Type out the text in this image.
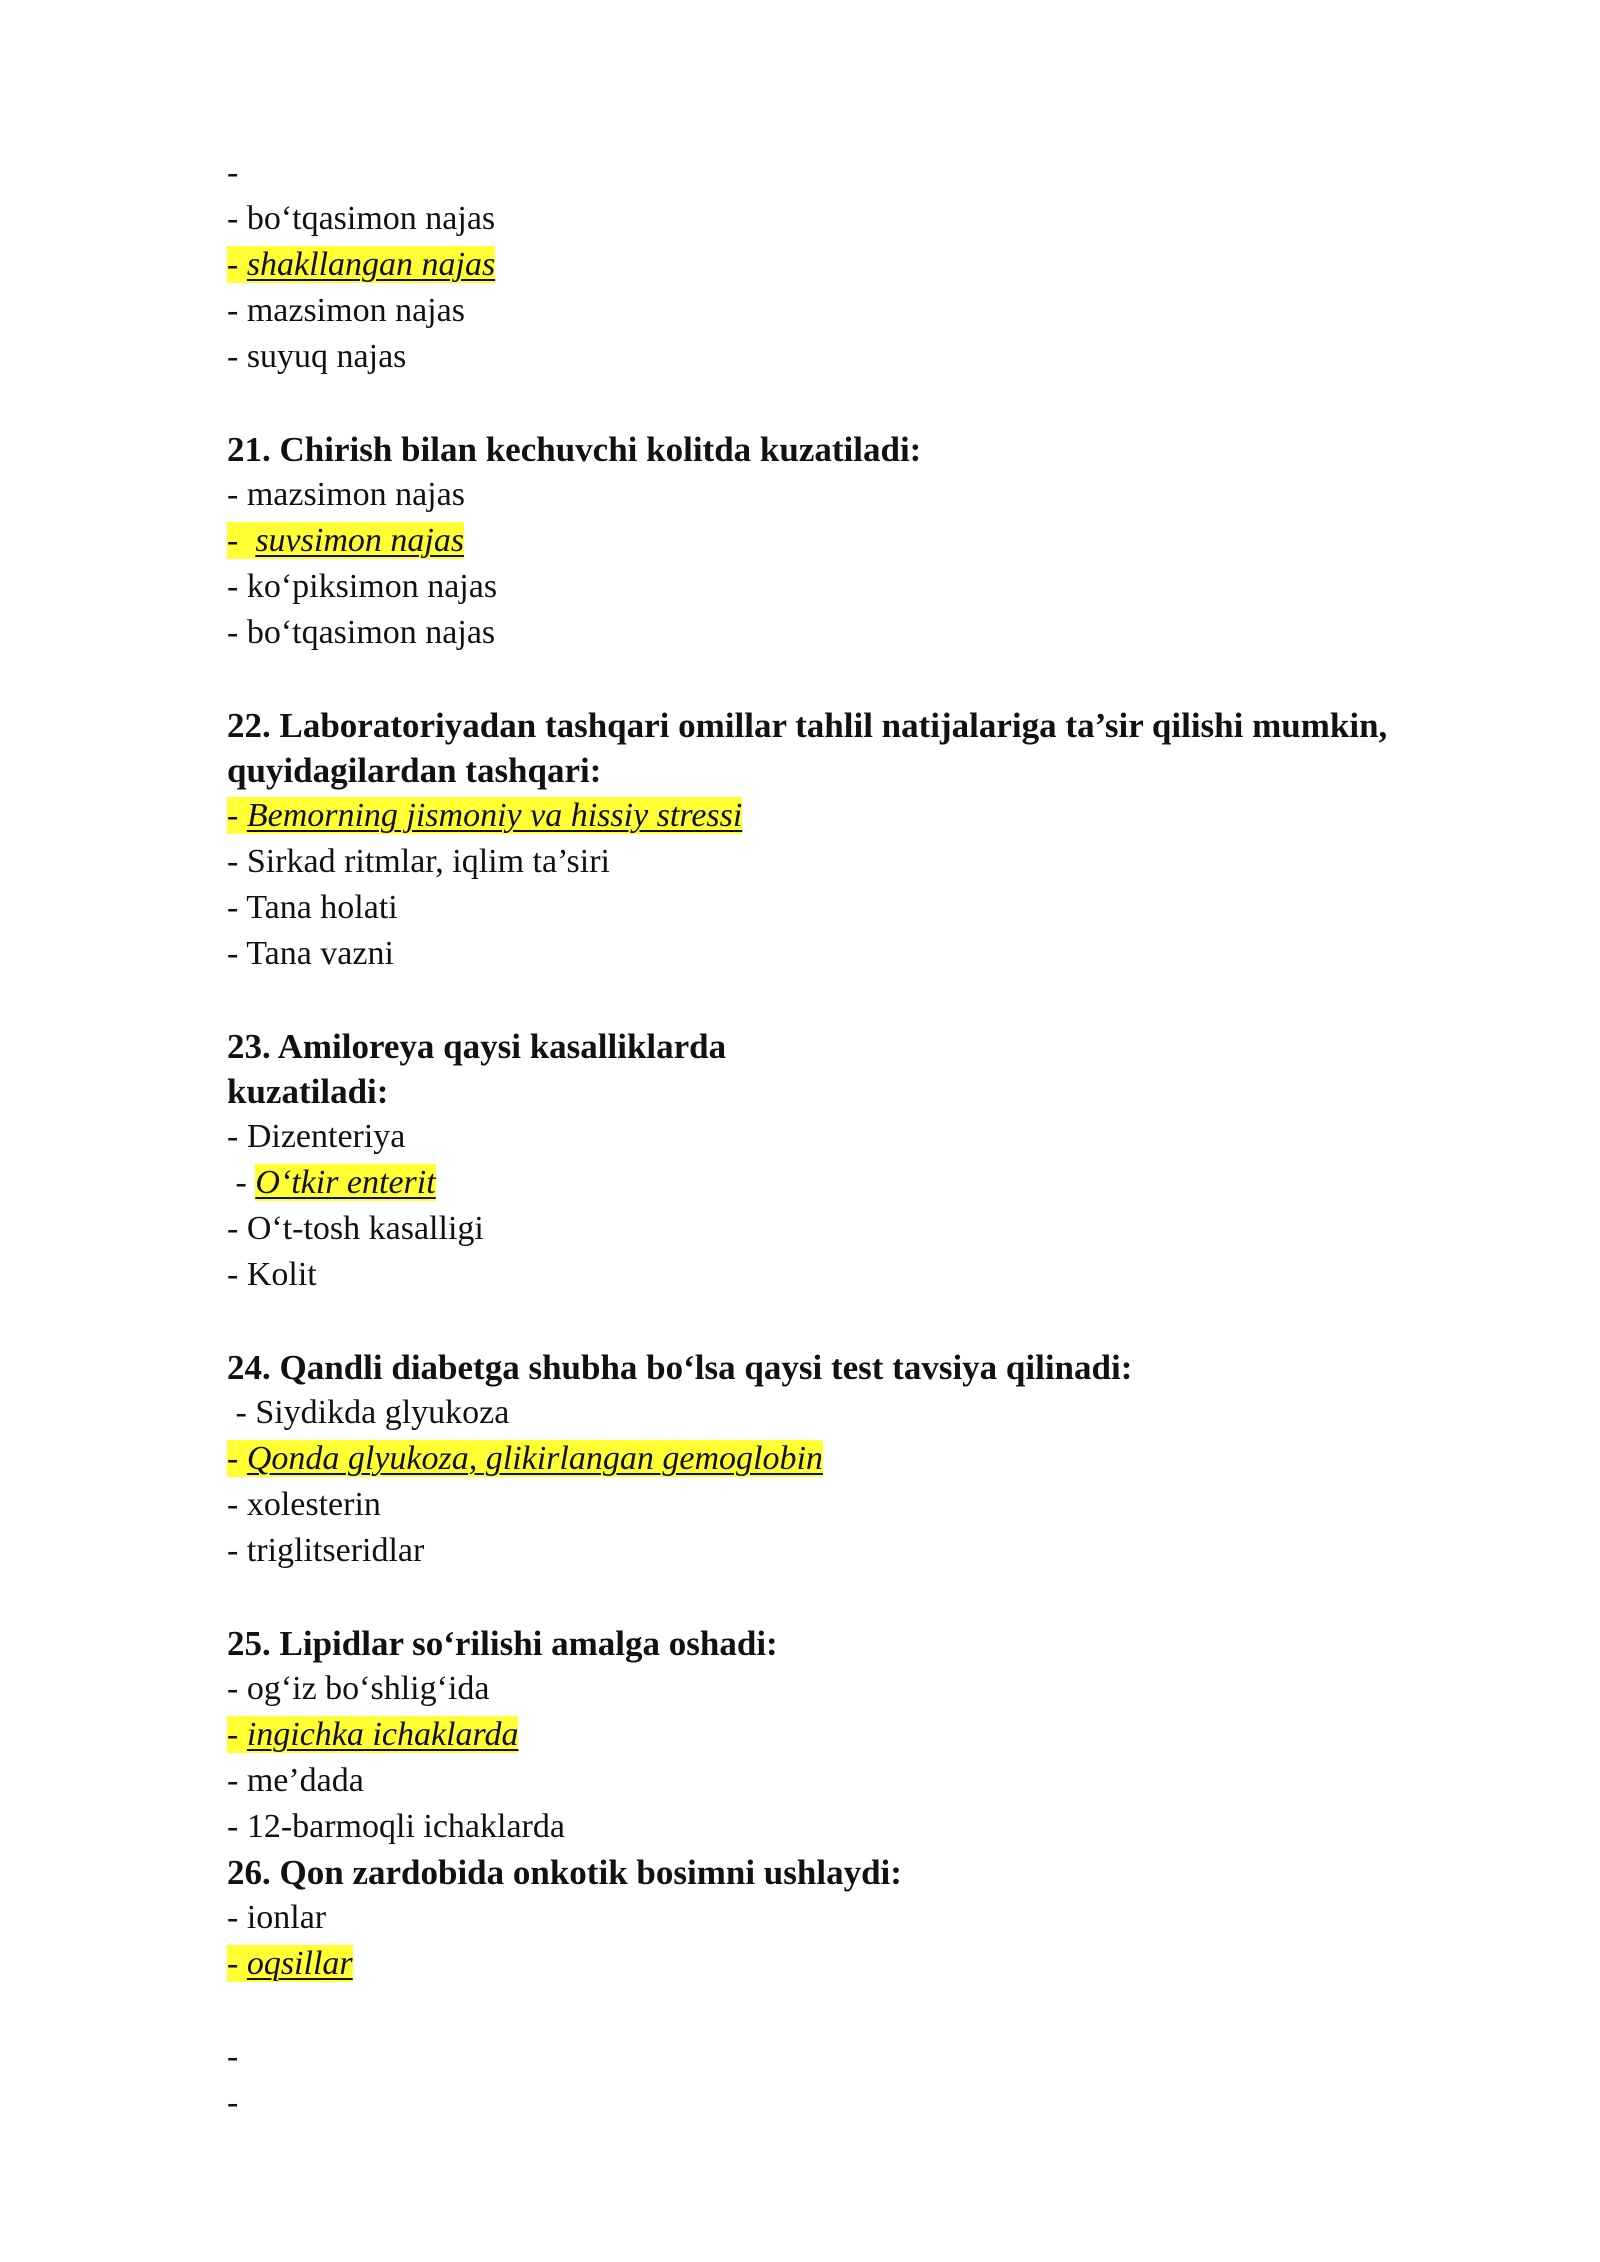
-
- bo‘tqasimon najas
- shakllangan najas
- mazsimon najas
- suyuq najas
21. Chirish bilan kechuvchi kolitda kuzatiladi:
- mazsimon najas
-  suvsimon najas
- ko‘piksimon najas
- bo‘tqasimon najas
22. Laboratoriyadan tashqari omillar tahlil natijalariga ta’sir qilishi mumkin,
quyidagilardan tashqari:
- Bemorning jismoniy va hissiy stressi
- Sirkad ritmlar, iqlim ta’siri
- Tana holati
- Tana vazni
23. Amiloreya qaysi kasalliklarda
kuzatiladi:
- Dizenteriya
- O‘tkir enterit
- O‘t-tosh kasalligi
- Kolit
24. Qandli diabetga shubha bo‘lsa qaysi test tavsiya qilinadi:
- Siydikda glyukoza
- Qonda glyukoza, glikirlangan gemoglobin
- xolesterin
- triglitseridlar
25. Lipidlar so‘rilishi amalga oshadi:
- og‘iz bo‘shlig‘ida
- ingichka ichaklarda
- me’dada
- 12-barmoqli ichaklarda
26. Qon zardobida onkotik bosimni ushlaydi:
- ionlar
- oqsillar
-
-
